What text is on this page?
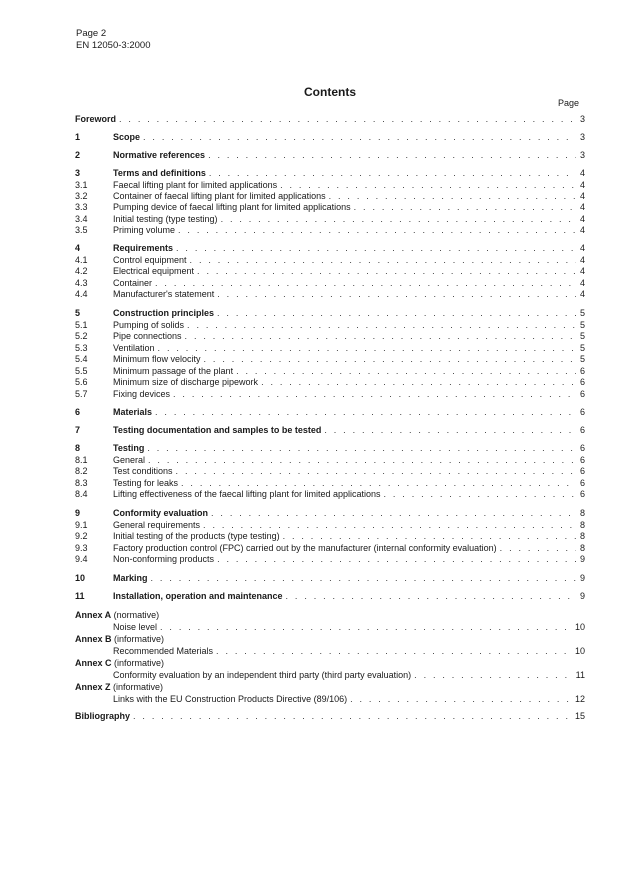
Page 2
EN 12050-3:2000
Contents
Page
Foreword . . .	3
1	Scope . . .	3
2	Normative references . . .	3
3	Terms and definitions . . .	4
3.1	Faecal lifting plant for limited applications . . .	4
3.2	Container of faecal lifting plant for limited applications . . .	4
3.3	Pumping device of faecal lifting plant for limited applications . . .	4
3.4	Initial testing (type testing) . . .	4
3.5	Priming volume . . .	4
4	Requirements . . .	4
4.1	Control equipment . . .	4
4.2	Electrical equipment . . .	4
4.3	Container . . .	4
4.4	Manufacturer's statement . . .	4
5	Construction principles . . .	5
5.1	Pumping of solids . . .	5
5.2	Pipe connections . . .	5
5.3	Ventilation . . .	5
5.4	Minimum flow velocity . . .	5
5.5	Minimum passage of the plant . . .	6
5.6	Minimum size of discharge pipework . . .	6
5.7	Fixing devices . . .	6
6	Materials . . .	6
7	Testing documentation and samples to be tested . . .	6
8	Testing . . .	6
8.1	General . . .	6
8.2	Test conditions . . .	6
8.3	Testing for leaks . . .	6
8.4	Lifting effectiveness of the faecal lifting plant for limited applications . . .	6
9	Conformity evaluation . . .	8
9.1	General requirements . . .	8
9.2	Initial testing of the products (type testing) . . .	8
9.3	Factory production control (FPC) carried out by the manufacturer (internal conformity evaluation) . . .	8
9.4	Non-conforming products . . .	9
10	Marking . . .	9
11	Installation, operation and maintenance . . .	9
Annex A (normative)
Noise level . . .	10
Annex B (informative)
Recommended Materials . . .	10
Annex C (informative)
Conformity evaluation by an independent third party (third party evaluation) . . .	11
Annex Z (informative)
Links with the EU Construction Products Directive (89/106) . . .	12
Bibliography . . .	15
